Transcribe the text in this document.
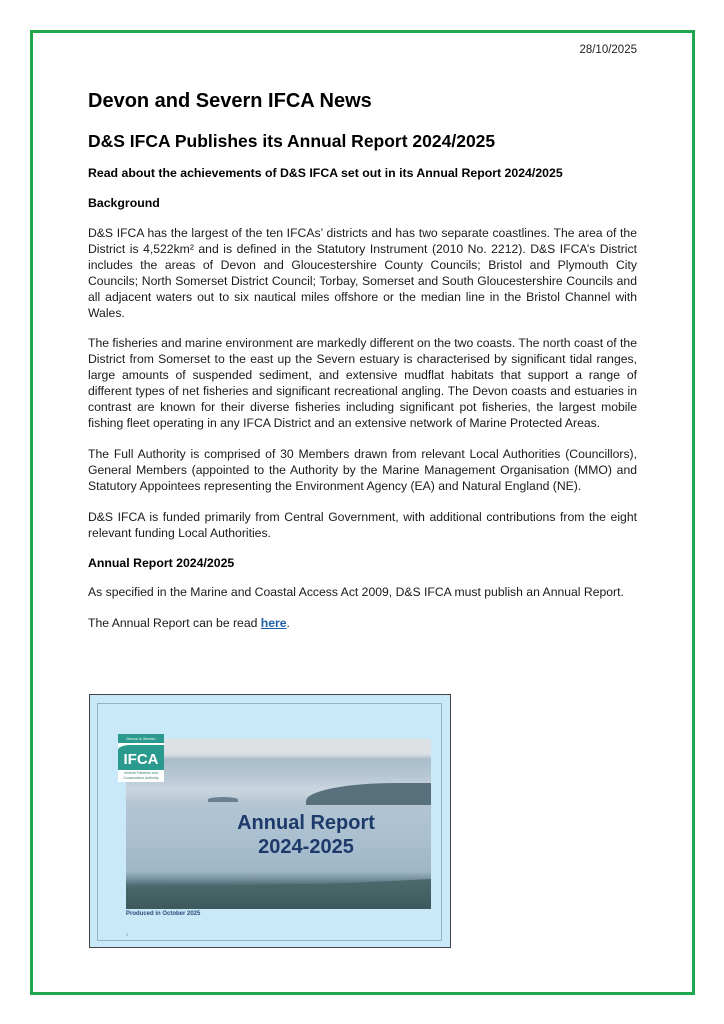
28/10/2025
Devon and Severn IFCA News
D&S IFCA Publishes its Annual Report 2024/2025
Read about the achievements of D&S IFCA set out in its Annual Report 2024/2025
Background

D&S IFCA has the largest of the ten IFCAs’ districts and has two separate coastlines. The area of the District is 4,522km² and is defined in the Statutory Instrument (2010 No. 2212). D&S IFCA’s District includes the areas of Devon and Gloucestershire County Councils; Bristol and Plymouth City Councils; North Somerset District Council; Torbay, Somerset and South Gloucestershire Councils and all adjacent waters out to six nautical miles offshore or the median line in the Bristol Channel with Wales.

The fisheries and marine environment are markedly different on the two coasts. The north coast of the District from Somerset to the east up the Severn estuary is characterised by significant tidal ranges, large amounts of suspended sediment, and extensive mudflat habitats that support a range of different types of net fisheries and significant recreational angling. The Devon coasts and estuaries in contrast are known for their diverse fisheries including significant pot fisheries, the largest mobile fishing fleet operating in any IFCA District and an extensive network of Marine Protected Areas.

The Full Authority is comprised of 30 Members drawn from relevant Local Authorities (Councillors), General Members (appointed to the Authority by the Marine Management Organisation (MMO) and Statutory Appointees representing the Environment Agency (EA) and Natural England (NE).

D&S IFCA is funded primarily from Central Government, with additional contributions from the eight relevant funding Local Authorities.

Annual Report 2024/2025

As specified in the Marine and Coastal Access Act 2009, D&S IFCA must publish an Annual Report.

The Annual Report can be read here.

Annual Report
2024-2025
Devon & Severn
IFCA
Inshore Fisheries and Conservation Authority
Produced in October 2025
1
